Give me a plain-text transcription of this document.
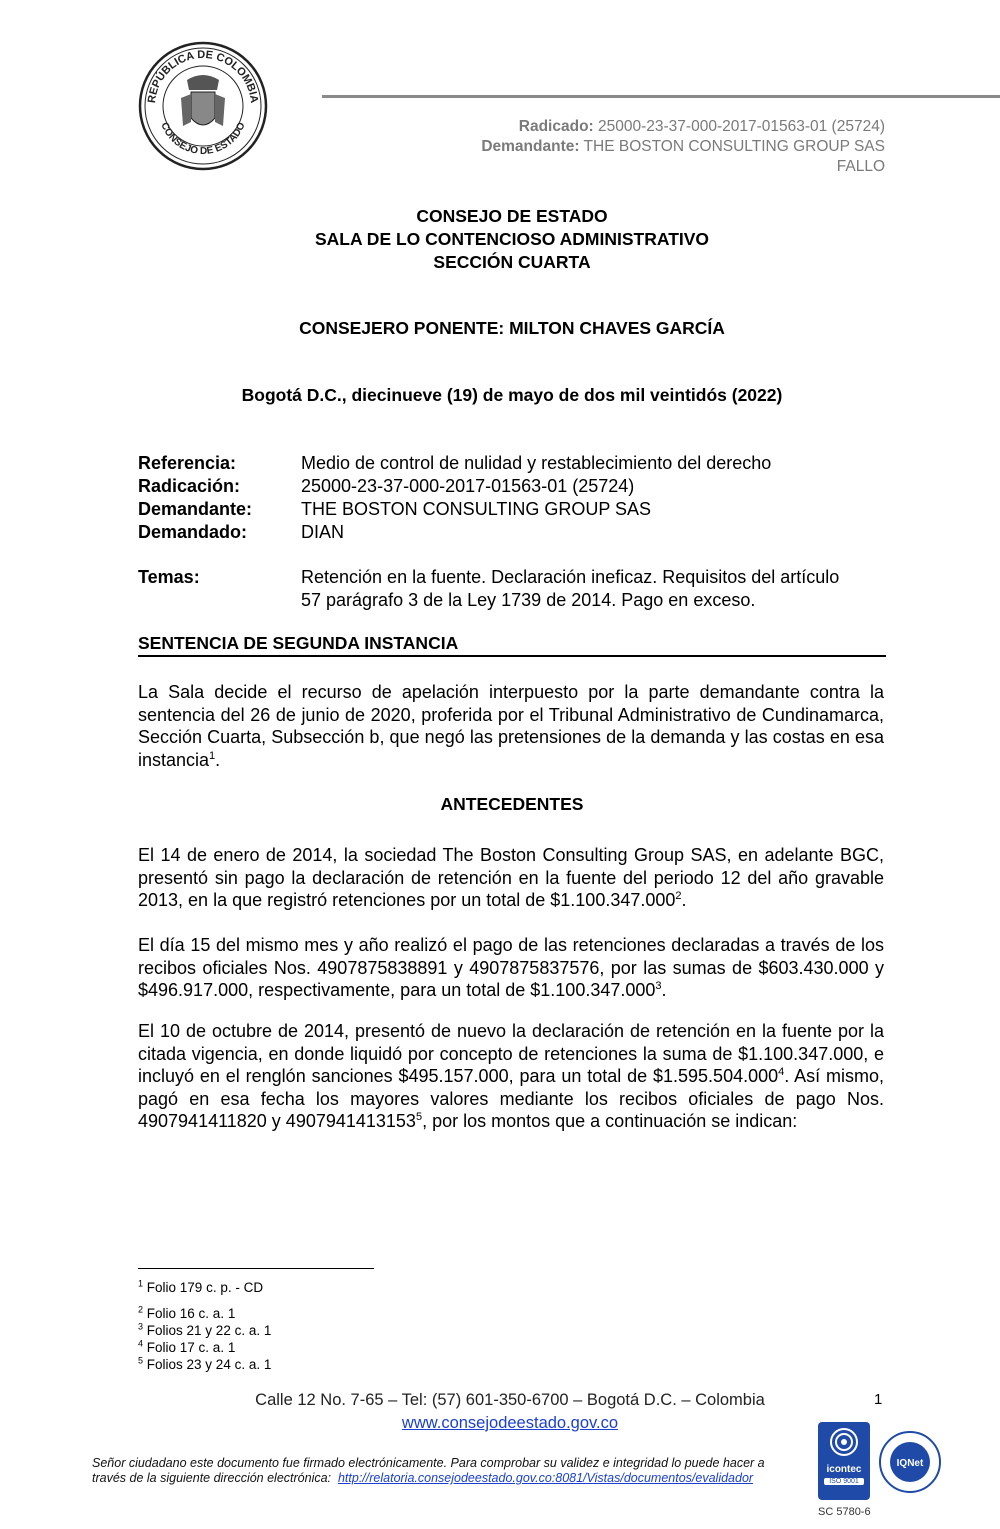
REPÚBLICA DE COLOMBIA
CONSEJO DE ESTADO	Radicado: 25000-23-37-000-2017-01563-01 (25724)
Demandante: THE BOSTON CONSULTING GROUP SAS
FALLO
CONSEJO DE ESTADO
SALA DE LO CONTENCIOSO ADMINISTRATIVO
SECCIÓN CUARTA
CONSEJERO PONENTE: MILTON CHAVES GARCÍA
Bogotá D.C., diecinueve (19) de mayo de dos mil veintidós (2022)
Referencia:	Medio de control de nulidad y restablecimiento del derecho
Radicación:	25000-23-37-000-2017-01563-01 (25724)
Demandante:	THE BOSTON CONSULTING GROUP SAS
Demandado:	DIAN
Temas:	Retención en la fuente. Declaración ineficaz. Requisitos del artículo
57 parágrafo 3 de la Ley 1739 de 2014. Pago en exceso.
SENTENCIA DE SEGUNDA INSTANCIA
La Sala decide el recurso de apelación interpuesto por la parte demandante contra la sentencia del 26 de junio de 2020, proferida por el Tribunal Administrativo de Cundinamarca, Sección Cuarta, Subsección b, que negó las pretensiones de la demanda y las costas en esa instancia$^1$.
ANTECEDENTES
El 14 de enero de 2014, la sociedad The Boston Consulting Group SAS, en adelante BGC, presentó sin pago la declaración de retención en la fuente del periodo 12 del año gravable 2013, en la que registró retenciones por un total de $1.100.347.000$^2$.
El día 15 del mismo mes y año realizó el pago de las retenciones declaradas a través de los recibos oficiales Nos. 4907875838891 y 4907875837576, por las sumas de $603.430.000 y $496.917.000, respectivamente, para un total de $1.100.347.000$^3$.
El 10 de octubre de 2014, presentó de nuevo la declaración de retención en la fuente por la citada vigencia, en donde liquidó por concepto de retenciones la suma de $1.100.347.000, e incluyó en el renglón sanciones $495.157.000, para un total de $1.595.504.000$^4$. Así mismo, pagó en esa fecha los mayores valores mediante los recibos oficiales de pago Nos. 4907941411820 y 4907941413153$^5$, por los montos que a continuación se indican:
$^1$ Folio 179 c. p. - CD
$^2$ Folio 16 c. a. 1
$^3$ Folios 21 y 22 c. a. 1
$^4$ Folio 17 c. a. 1
$^5$ Folios 23 y 24 c. a. 1
Calle 12 No. 7-65 – Tel: (57) 601-350-6700 – Bogotá D.C. – Colombia
www.consejodeestado.gov.co
1
Señor ciudadano este documento fue firmado electrónicamente. Para comprobar su validez e integridad lo puede hacer a
través de la siguiente dirección electrónica: http://relatoria.consejodeestado.gov.co:8081/Vistas/documentos/evalidador
icontec
ISO 9001
IQNet
SC 5780-6
